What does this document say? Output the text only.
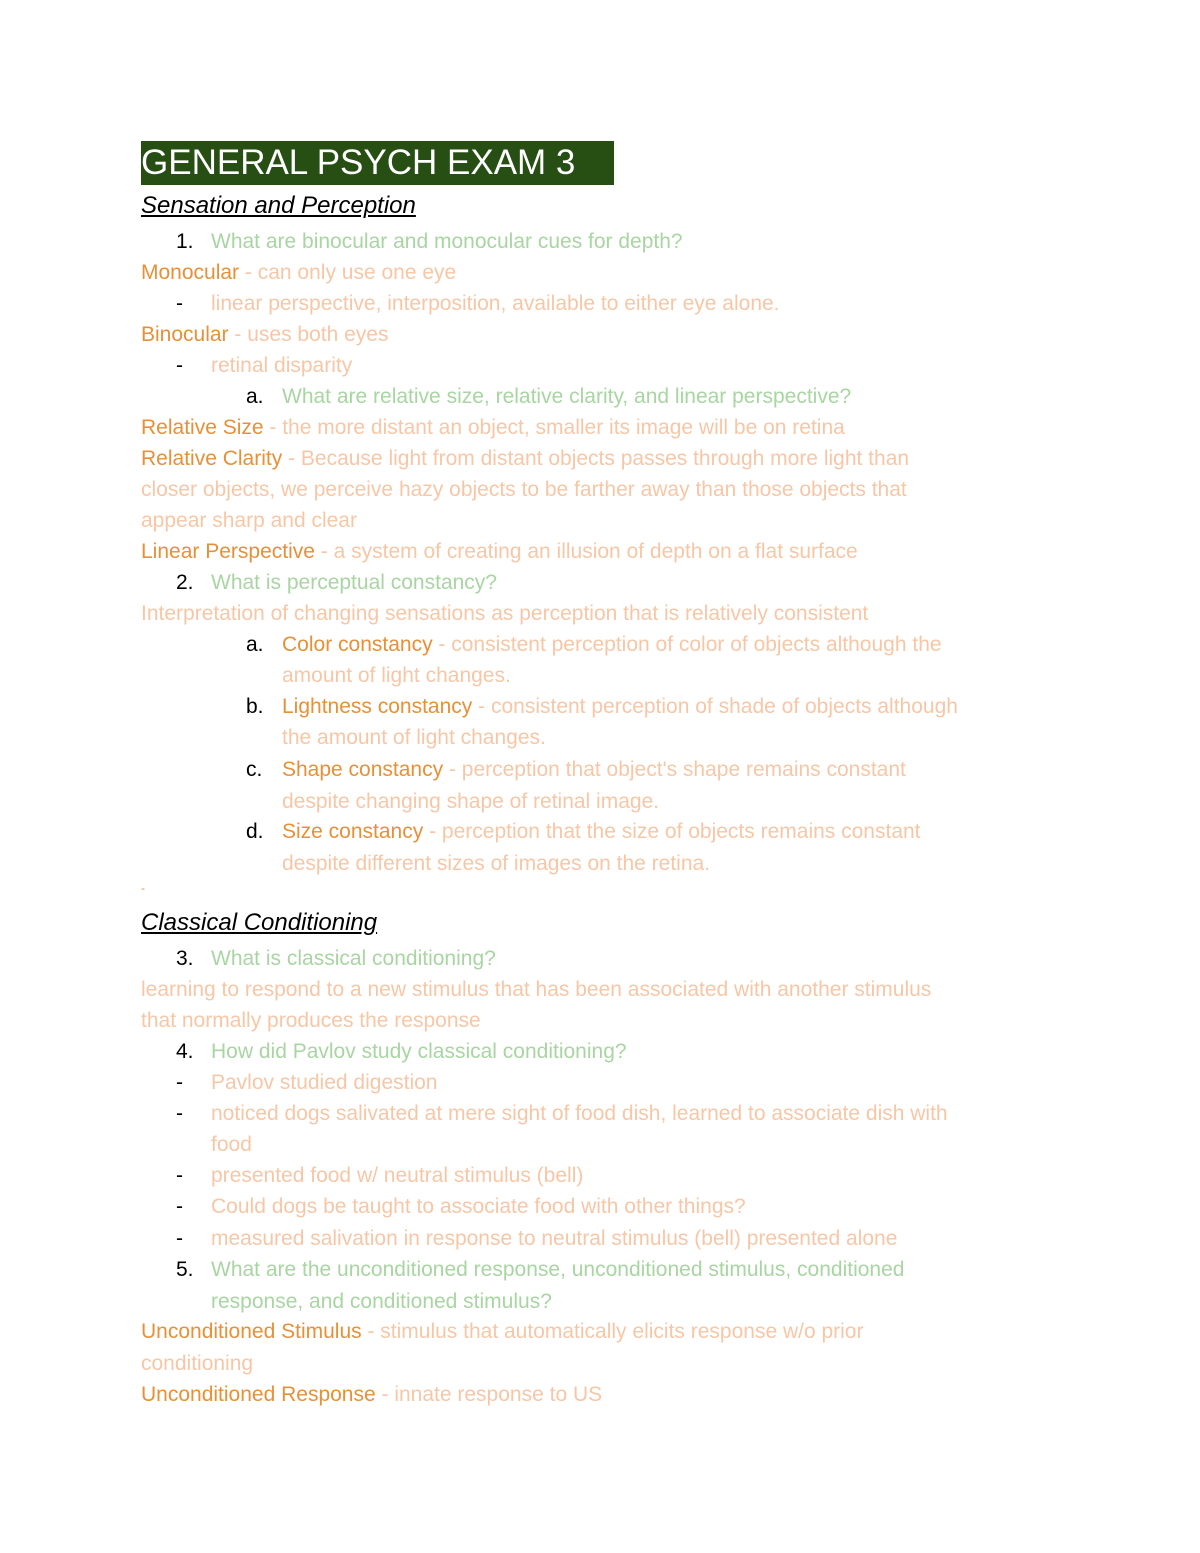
GENERAL PSYCH EXAM 3
Sensation and Perception
1. What are binocular and monocular cues for depth?
Monocular - can only use one eye
- linear perspective, interposition, available to either eye alone.
Binocular - uses both eyes
- retinal disparity
a. What are relative size, relative clarity, and linear perspective?
Relative Size - the more distant an object, smaller its image will be on retina
Relative Clarity - Because light from distant objects passes through more light than
closer objects, we perceive hazy objects to be farther away than those objects that
appear sharp and clear
Linear Perspective - a system of creating an illusion of depth on a flat surface
2. What is perceptual constancy?
Interpretation of changing sensations as perception that is relatively consistent
a. Color constancy - consistent perception of color of objects although the
amount of light changes.
b. Lightness constancy - consistent perception of shade of objects although
the amount of light changes.
c. Shape constancy - perception that object's shape remains constant
despite changing shape of retinal image.
d. Size constancy - perception that the size of objects remains constant
despite different sizes of images on the retina.
-
Classical Conditioning
3. What is classical conditioning?
learning to respond to a new stimulus that has been associated with another stimulus
that normally produces the response
4. How did Pavlov study classical conditioning?
- Pavlov studied digestion
- noticed dogs salivated at mere sight of food dish, learned to associate dish with
food
- presented food w/ neutral stimulus (bell)
- Could dogs be taught to associate food with other things?
- measured salivation in response to neutral stimulus (bell) presented alone
5. What are the unconditioned response, unconditioned stimulus, conditioned
response, and conditioned stimulus?
Unconditioned Stimulus - stimulus that automatically elicits response w/o prior
conditioning
Unconditioned Response - innate response to US
